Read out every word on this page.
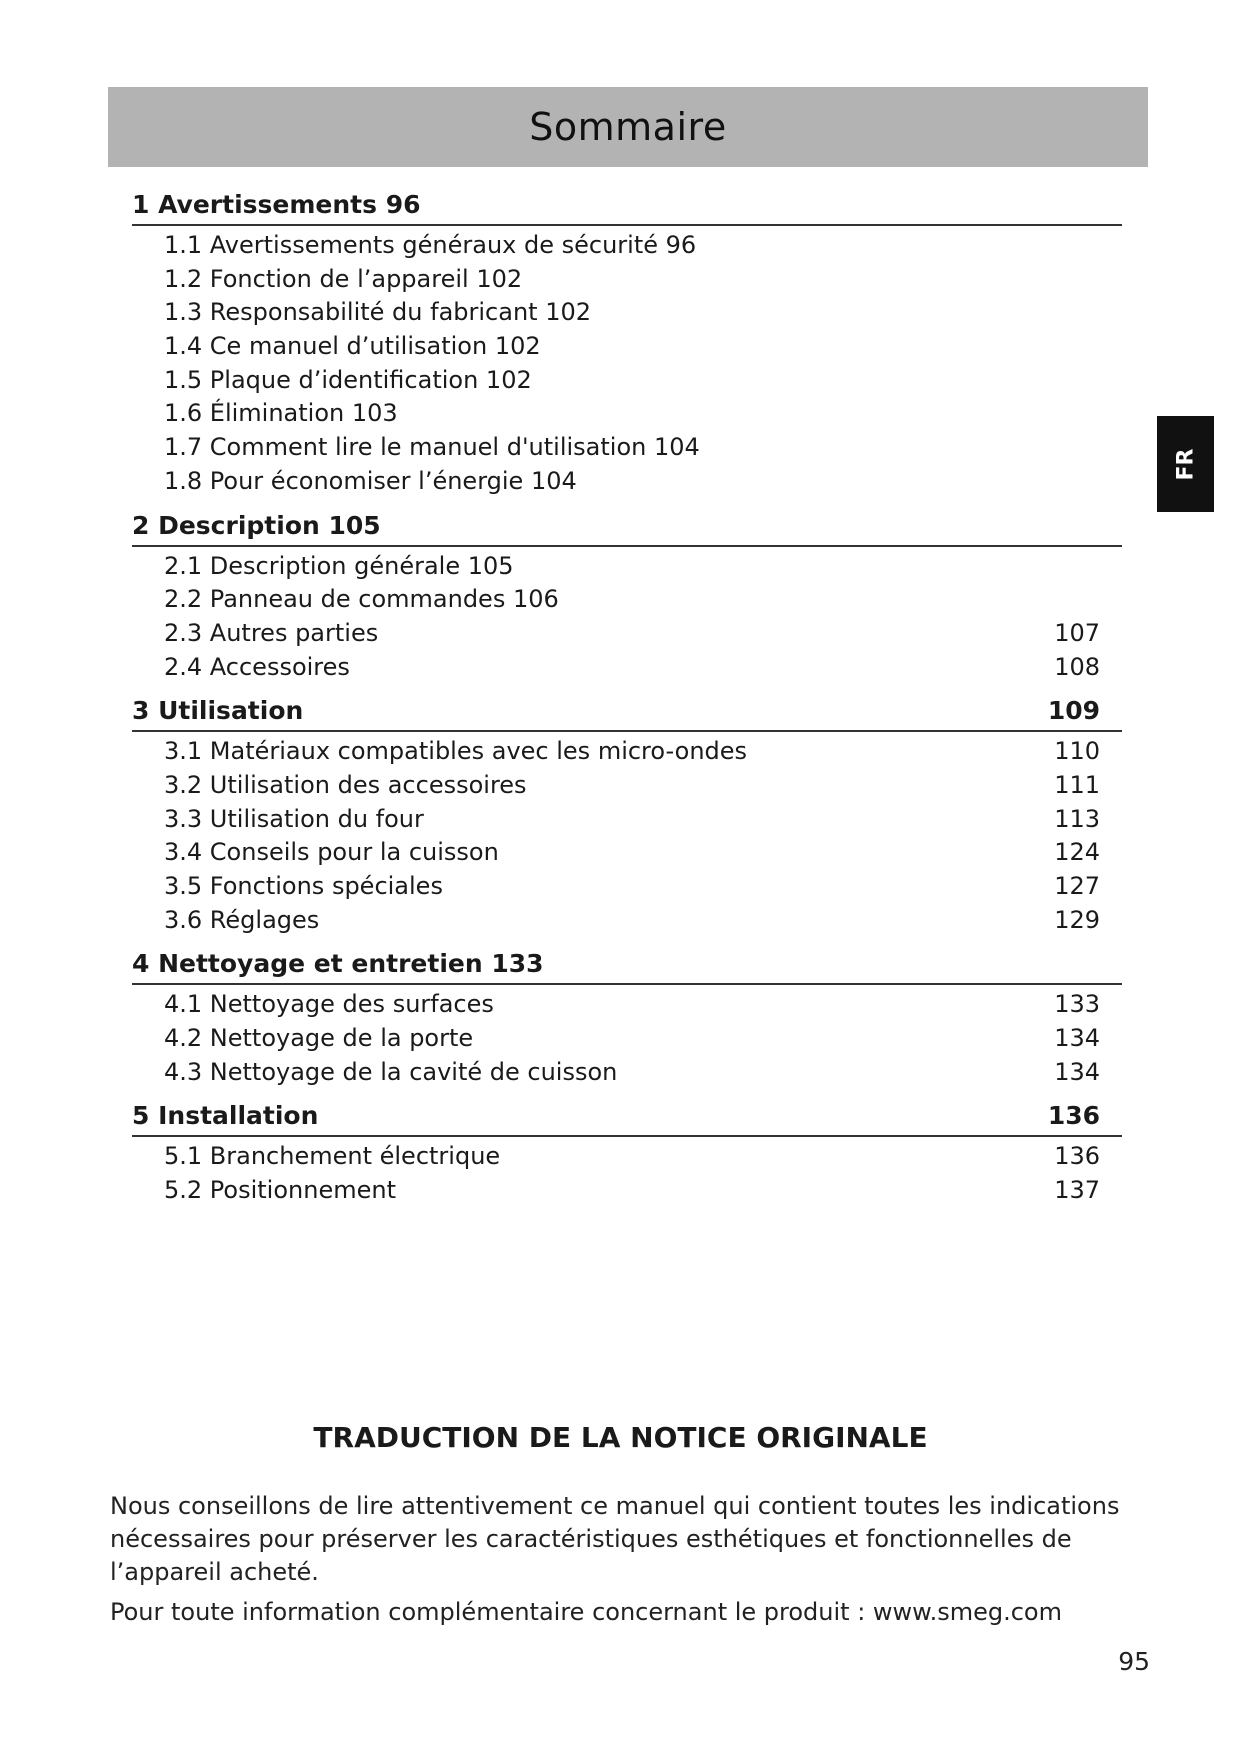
Sommaire
FR
1 Avertissements 96
1.1 Avertissements généraux de sécurité 96
1.2 Fonction de l’appareil 102
1.3 Responsabilité du fabricant 102
1.4 Ce manuel d’utilisation 102
1.5 Plaque d’identification 102
1.6 Élimination 103
1.7 Comment lire le manuel d'utilisation 104
1.8 Pour économiser l’énergie 104
2 Description 105
2.1 Description générale 105
2.2 Panneau de commandes 106
2.3 Autres parties	107
2.4 Accessoires	108
3 Utilisation	109
3.1 Matériaux compatibles avec les micro-ondes	110
3.2 Utilisation des accessoires	111
3.3 Utilisation du four	113
3.4 Conseils pour la cuisson	124
3.5 Fonctions spéciales	127
3.6 Réglages	129
4 Nettoyage et entretien 133
4.1 Nettoyage des surfaces	133
4.2 Nettoyage de la porte	134
4.3 Nettoyage de la cavité de cuisson	134
5 Installation	136
5.1 Branchement électrique	136
5.2 Positionnement	137
TRADUCTION DE LA NOTICE ORIGINALE

Nous conseillons de lire attentivement ce manuel qui contient toutes les indications nécessaires pour préserver les caractéristiques esthétiques et fonctionnelles de l’appareil acheté.

Pour toute information complémentaire concernant le produit : www.smeg.com

95
